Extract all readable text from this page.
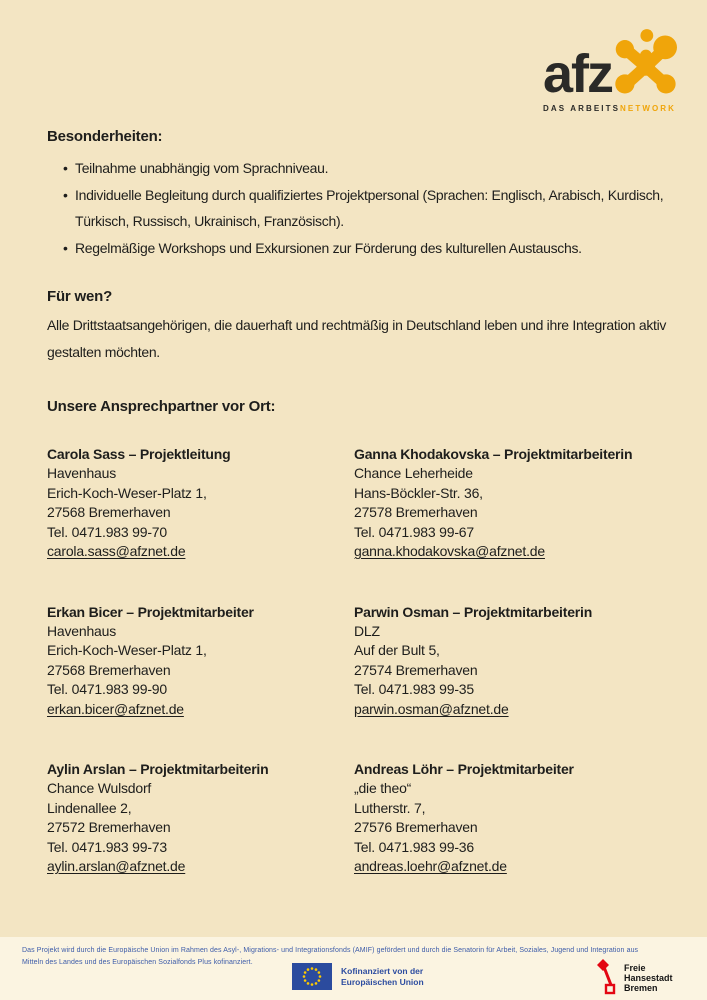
afz
DAS ARBEITSNETWORK
Besonderheiten:
• Teilnahme unabhängig vom Sprachniveau.
• Individuelle Begleitung durch qualifiziertes Projektpersonal (Sprachen: Englisch, Arabisch, Kurdisch, Türkisch, Russisch, Ukrainisch, Französisch).
• Regelmäßige Workshops und Exkursionen zur Förderung des kulturellen Austauschs.
Für wen?

Alle Drittstaatsangehörigen, die dauerhaft und rechtmäßig in Deutschland leben und ihre Integration aktiv gestalten möchten.

Unsere Ansprechpartner vor Ort:
Carola Sass – Projektleitung
Havenhaus
Erich-Koch-Weser-Platz 1,
27568 Bremerhaven
Tel. 0471.983 99-70
carola.sass@afznet.de
Ganna Khodakovska – Projektmitarbeiterin
Chance Leherheide
Hans-Böckler-Str. 36,
27578 Bremerhaven
Tel. 0471.983 99-67
ganna.khodakovska@afznet.de
Erkan Bicer – Projektmitarbeiter
Havenhaus
Erich-Koch-Weser-Platz 1,
27568 Bremerhaven
Tel. 0471.983 99-90
erkan.bicer@afznet.de
Parwin Osman – Projektmitarbeiterin
DLZ
Auf der Bult 5,
27574 Bremerhaven
Tel. 0471.983 99-35
parwin.osman@afznet.de
Aylin Arslan – Projektmitarbeiterin
Chance Wulsdorf
Lindenallee 2,
27572 Bremerhaven
Tel. 0471.983 99-73
aylin.arslan@afznet.de
Andreas Löhr – Projektmitarbeiter
„die theo“
Lutherstr. 7,
27576 Bremerhaven
Tel. 0471.983 99-36
andreas.loehr@afznet.de
Das Projekt wird durch die Europäische Union im Rahmen des Asyl-, Migrations- und Integrationsfonds (AMIF) gefördert und durch die Senatorin für Arbeit, Soziales, Jugend und Integration aus
Mitteln des Landes und des Europäischen Sozialfonds Plus kofinanziert.
Kofinanziert von der
Europäischen Union
Freie
Hansestadt
Bremen
